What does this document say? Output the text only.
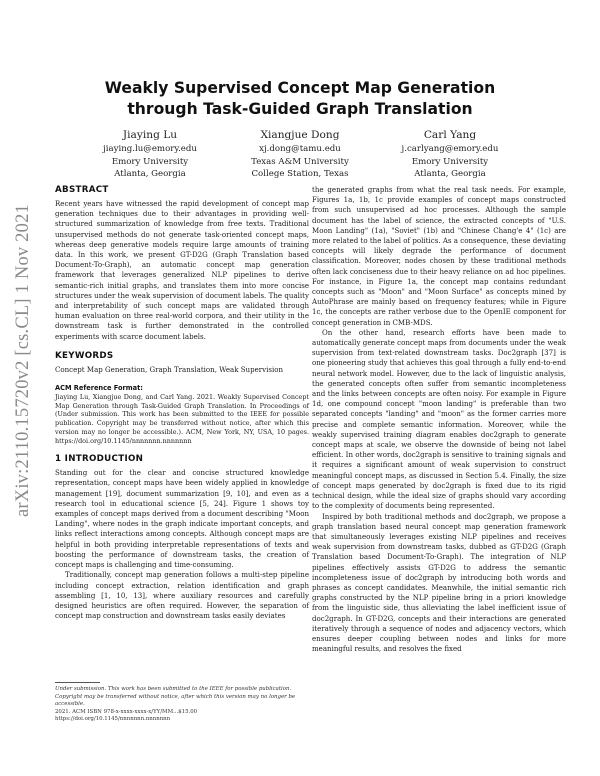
arXiv:2110.15720v2 [cs.CL] 1 Nov 2021
Weakly Supervised Concept Map Generation
through Task-Guided Graph Translation
Jiaying Lu
jiaying.lu@emory.edu
Emory University
Atlanta, Georgia
Xiangjue Dong
xj.dong@tamu.edu
Texas A&M University
College Station, Texas
Carl Yang
j.carlyang@emory.edu
Emory University
Atlanta, Georgia
ABSTRACT

Recent years have witnessed the rapid development of concept map generation techniques due to their advantages in providing well-structured summarization of knowledge from free texts. Traditional unsupervised methods do not generate task-oriented concept maps, whereas deep generative models require large amounts of training data. In this work, we present GT-D2G (Graph Translation based Document-To-Graph), an automatic concept map generation framework that leverages generalized NLP pipelines to derive semantic-rich initial graphs, and translates them into more concise structures under the weak supervision of document labels. The quality and interpretability of such concept maps are validated through human evaluation on three real-world corpora, and their utility in the downstream task is further demonstrated in the controlled experiments with scarce document labels.

KEYWORDS

Concept Map Generation, Graph Translation, Weak Supervision

ACM Reference Format:

Jiaying Lu, Xiangjue Dong, and Carl Yang. 2021. Weakly Supervised Concept Map Generation through Task-Guided Graph Translation. In Proceedings of (Under submission. This work has been submitted to the IEEE for possible publication. Copyright may be transferred without notice, after which this version may no longer be accessible.). ACM, New York, NY, USA, 10 pages. https://doi.org/10.1145/nnnnnnn.nnnnnnn

1 INTRODUCTION

Standing out for the clear and concise structured knowledge representation, concept maps have been widely applied in knowledge management [19], document summarization [9, 10], and even as a research tool in educational science [5, 24]. Figure 1 shows toy examples of concept maps derived from a document describing "Moon Landing", where nodes in the graph indicate important concepts, and links reflect interactions among concepts. Although concept maps are helpful in both providing interpretable representations of texts and boosting the performance of downstream tasks, the creation of concept maps is challenging and time-consuming.

Traditionally, concept map generation follows a multi-step pipeline including concept extraction, relation identification and graph assembling [1, 10, 13], where auxiliary resources and carefully designed heuristics are often required. However, the separation of concept map construction and downstream tasks easily deviates

the generated graphs from what the real task needs. For example, Figures 1a, 1b, 1c provide examples of concept maps constructed from such unsupervised ad hoc processes. Although the sample document has the label of science, the extracted concepts of "U.S. Moon Landing" (1a), "Soviet" (1b) and "Chinese Chang'e 4" (1c) are more related to the label of politics. As a consequence, these deviating concepts will likely degrade the performance of document classification. Moreover, nodes chosen by these traditional methods often lack conciseness due to their heavy reliance on ad hoc pipelines. For instance, in Figure 1a, the concept map contains redundant concepts such as "Moon" and "Moon Surface" as concepts mined by AutoPhrase are mainly based on frequency features; while in Figure 1c, the concepts are rather verbose due to the OpenIE component for concept generation in CMB-MDS.

On the other hand, research efforts have been made to automatically generate concept maps from documents under the weak supervision from text-related downstream tasks. Doc2graph [37] is one pioneering study that achieves this goal through a fully end-to-end neural network model. However, due to the lack of linguistic analysis, the generated concepts often suffer from semantic incompleteness and the links between concepts are often noisy. For example in Figure 1d, one compound concept "moon landing" is preferable than two separated concepts "landing" and "moon" as the former carries more precise and complete semantic information. Moreover, while the weakly supervised training diagram enables doc2graph to generate concept maps at scale, we observe the downside of being not label efficient. In other words, doc2graph is sensitive to training signals and it requires a significant amount of weak supervision to construct meaningful concept maps, as discussed in Section 5.4. Finally, the size of concept maps generated by doc2graph is fixed due to its rigid technical design, while the ideal size of graphs should vary according to the complexity of documents being represented.

Inspired by both traditional methods and doc2graph, we propose a graph translation based neural concept map generation framework that simultaneously leverages existing NLP pipelines and receives weak supervision from downstream tasks, dubbed as GT-D2G (Graph Translation based Document-To-Graph). The integration of NLP pipelines effectively assists GT-D2G to address the semantic incompleteness issue of doc2graph by introducing both words and phrases as concept candidates. Meanwhile, the initial semantic rich graphs constructed by the NLP pipeline bring in a priori knowledge from the linguistic side, thus alleviating the label inefficient issue of doc2graph. In GT-D2G, concepts and their interactions are generated iteratively through a sequence of nodes and adjacency vectors, which ensures deeper coupling between nodes and links for more meaningful results, and resolves the fixed

Under submission. This work has been submitted to the IEEE for possible publication. Copyright may be transferred without notice, after which this version may no longer be accessible.
2021. ACM ISBN 978-x-xxxx-xxxx-x/YY/MM...$15.00
https://doi.org/10.1145/nnnnnnn.nnnnnnn
